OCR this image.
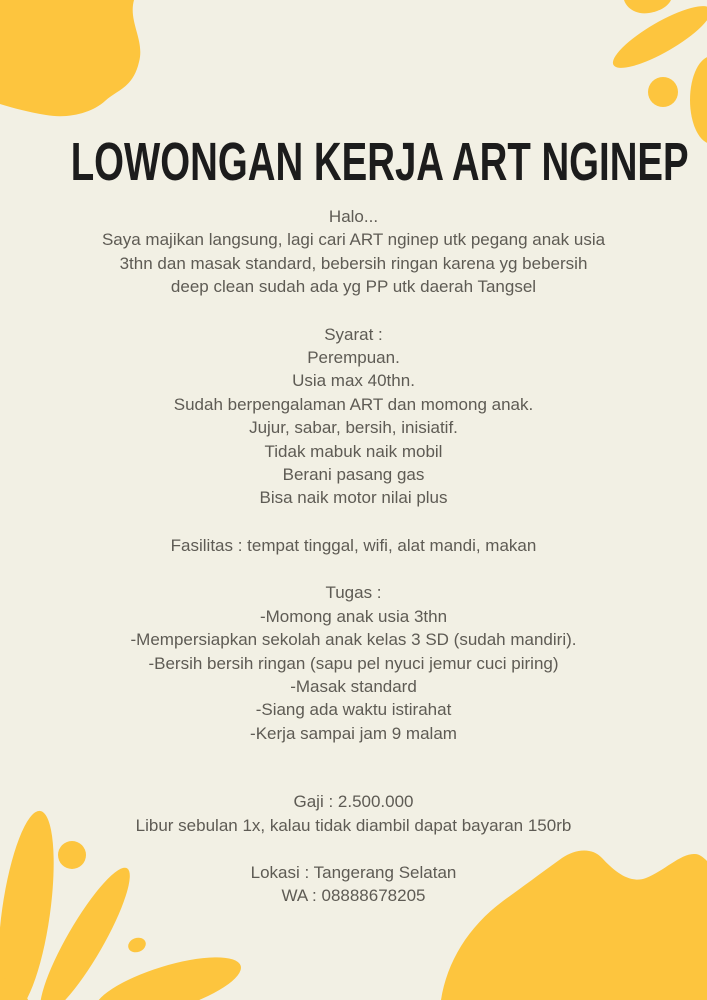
LOWONGAN KERJA ART NGINEP
Halo...
Saya majikan langsung, lagi cari ART nginep utk pegang anak usia
3thn dan masak standard, bebersih ringan karena yg bebersih
deep clean sudah ada yg PP utk daerah Tangsel
Syarat :
Perempuan.
Usia max 40thn.
Sudah berpengalaman ART dan momong anak.
Jujur, sabar, bersih, inisiatif.
Tidak mabuk naik mobil
Berani pasang gas
Bisa naik motor nilai plus
Fasilitas : tempat tinggal, wifi, alat mandi, makan
Tugas :
-Momong anak usia 3thn
-Mempersiapkan sekolah anak kelas 3 SD (sudah mandiri).
-Bersih bersih ringan (sapu pel nyuci jemur cuci piring)
-Masak standard
-Siang ada waktu istirahat
-Kerja sampai jam 9 malam
Gaji : 2.500.000
Libur sebulan 1x, kalau tidak diambil dapat bayaran 150rb
Lokasi : Tangerang Selatan
WA : 08888678205
